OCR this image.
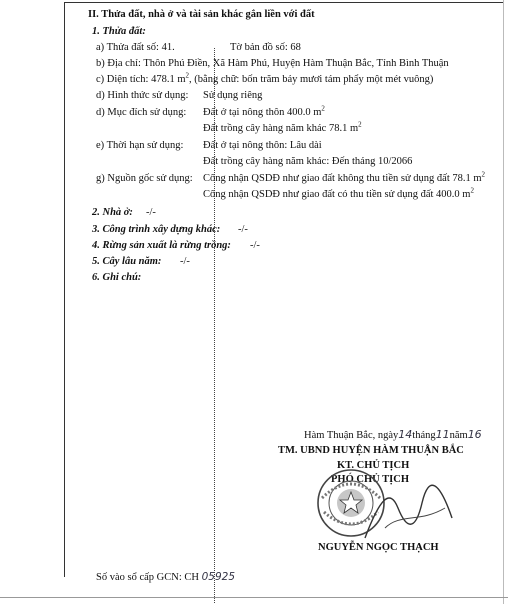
II. Thửa đất, nhà ở và tài sản khác gắn liền với đất
1. Thửa đất:
a) Thửa đất số: 41.	Tờ bản đồ số: 68
b) Địa chỉ: Thôn Phú Điền, Xã Hàm Phú, Huyện Hàm Thuận Bắc, Tỉnh Bình Thuận
c) Diện tích: 478.1 $m^2$, (bằng chữ: bốn trăm bảy mươi tám phẩy một mét vuông)
d) Hình thức sử dụng: Sử dụng riêng
d) Mục đích sử dụng: Đất ở tại nông thôn 400.0 $m^2$
Đất trồng cây hàng năm khác 78.1 $m^2$
e) Thời hạn sử dụng: Đất ở tại nông thôn: Lâu dài
Đất trồng cây hàng năm khác: Đến tháng 10/2066
g) Nguồn gốc sử dụng: Công nhận QSDĐ như giao đất không thu tiền sử dụng đất 78.1 $m^2$
Công nhận QSDĐ như giao đất có thu tiền sử dụng đất 400.0 $m^2$
2. Nhà ở: -/-
3. Công trình xây dựng khác: -/-
4. Rừng sản xuất là rừng trồng: -/-
5. Cây lâu năm: -/-
6. Ghi chú:
Hàm Thuận Bắc, ngày14tháng11năm16
TM. UBND HUYỆN HÀM THUẬN BẮC
KT. CHỦ TỊCH
PHÓ CHỦ TỊCH
NGUYỄN NGỌC THẠCH
Số vào sổ cấp GCN: CH 05925
